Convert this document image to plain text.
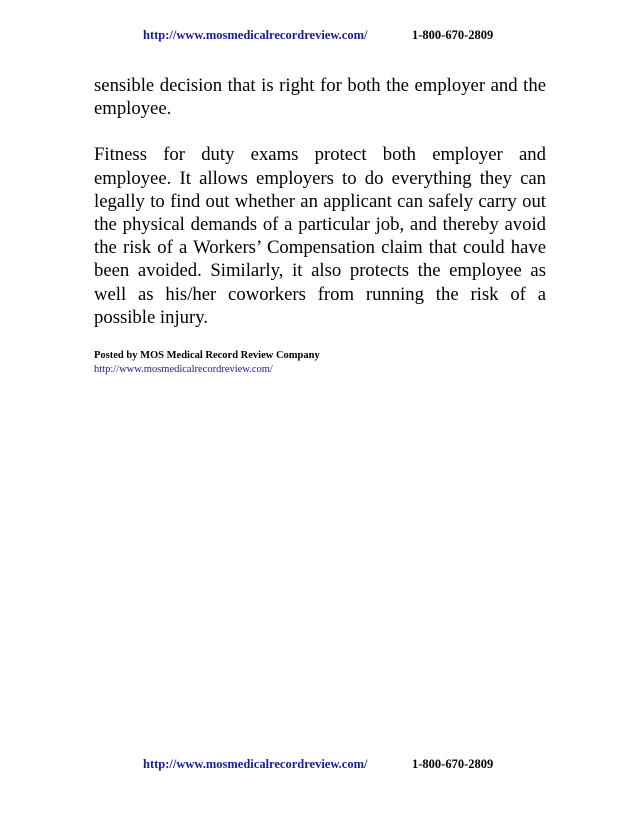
http://www.mosmedicalrecordreview.com/	1-800-670-2809

sensible decision that is right for both the employer and the employee.

Fitness for duty exams protect both employer and employee. It allows employers to do everything they can legally to find out whether an applicant can safely carry out the physical demands of a particular job, and thereby avoid the risk of a Workers’ Compensation claim that could have been avoided. Similarly, it also protects the employee as well as his/her coworkers from running the risk of a possible injury.

Posted by MOS Medical Record Review Company
http://www.mosmedicalrecordreview.com/
http://www.mosmedicalrecordreview.com/	1-800-670-2809
